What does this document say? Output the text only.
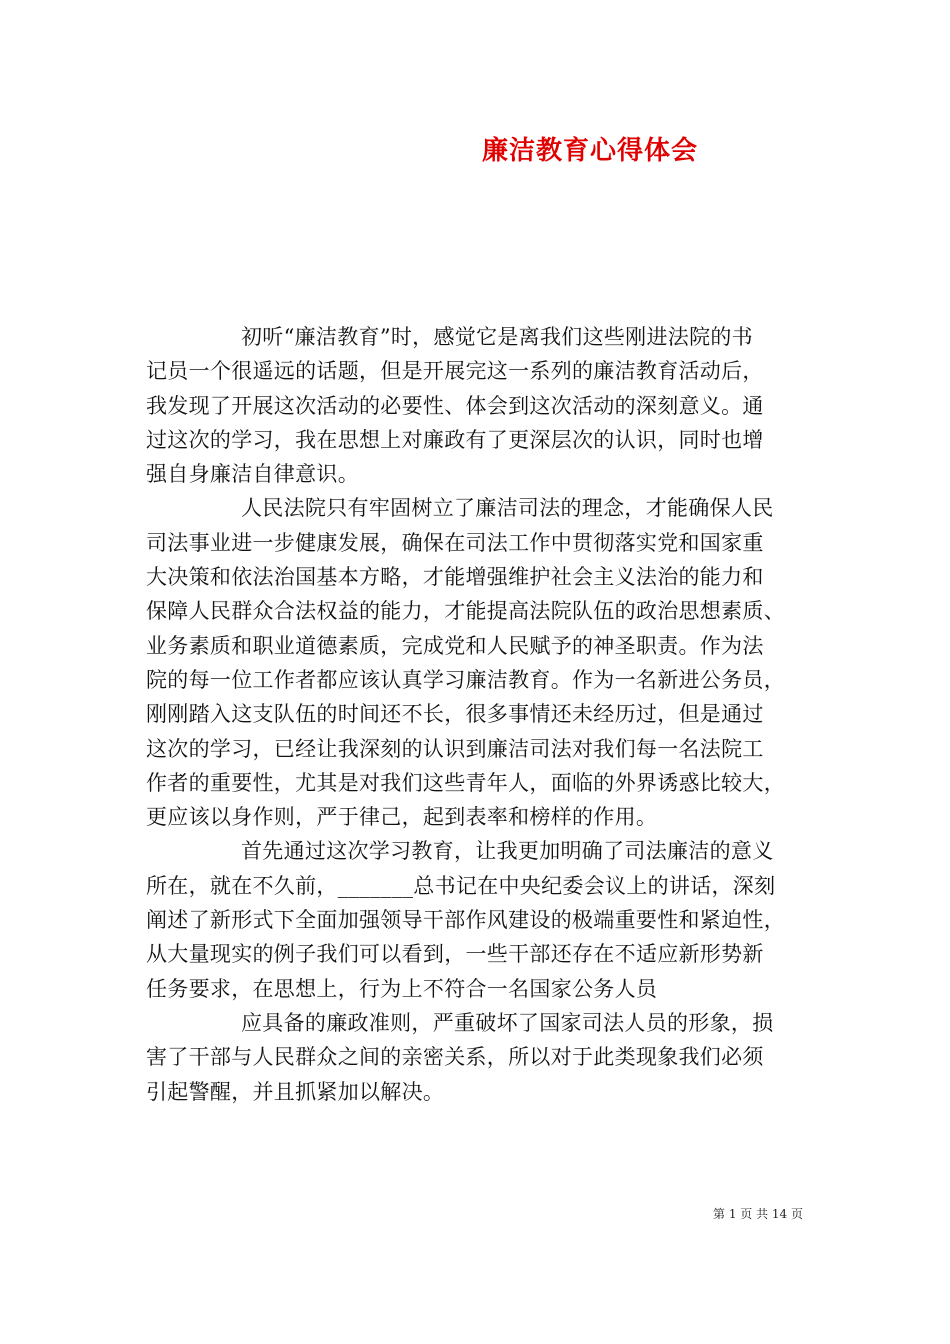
廉洁教育心得体会
初听“廉洁教育”时，感觉它是离我们这些刚进法院的书
记员一个很遥远的话题，但是开展完这一系列的廉洁教育活动后，
我发现了开展这次活动的必要性、体会到这次活动的深刻意义。通
过这次的学习，我在思想上对廉政有了更深层次的认识，同时也增
强自身廉洁自律意识。
人民法院只有牢固树立了廉洁司法的理念，才能确保人民
司法事业进一步健康发展，确保在司法工作中贯彻落实党和国家重
大决策和依法治国基本方略，才能增强维护社会主义法治的能力和
保障人民群众合法权益的能力，才能提高法院队伍的政治思想素质、
业务素质和职业道德素质，完成党和人民赋予的神圣职责。作为法
院的每一位工作者都应该认真学习廉洁教育。作为一名新进公务员，
刚刚踏入这支队伍的时间还不长，很多事情还未经历过，但是通过
这次的学习，已经让我深刻的认识到廉洁司法对我们每一名法院工
作者的重要性，尤其是对我们这些青年人，面临的外界诱惑比较大，
更应该以身作则，严于律己，起到表率和榜样的作用。
首先通过这次学习教育，让我更加明确了司法廉洁的意义
所在，就在不久前，_______总书记在中央纪委会议上的讲话，深刻
阐述了新形式下全面加强领导干部作风建设的极端重要性和紧迫性，
从大量现实的例子我们可以看到，一些干部还存在不适应新形势新
任务要求，在思想上，行为上不符合一名国家公务人员
应具备的廉政准则，严重破坏了国家司法人员的形象，损
害了干部与人民群众之间的亲密关系，所以对于此类现象我们必须
引起警醒，并且抓紧加以解决。
第 1 页 共 14 页
